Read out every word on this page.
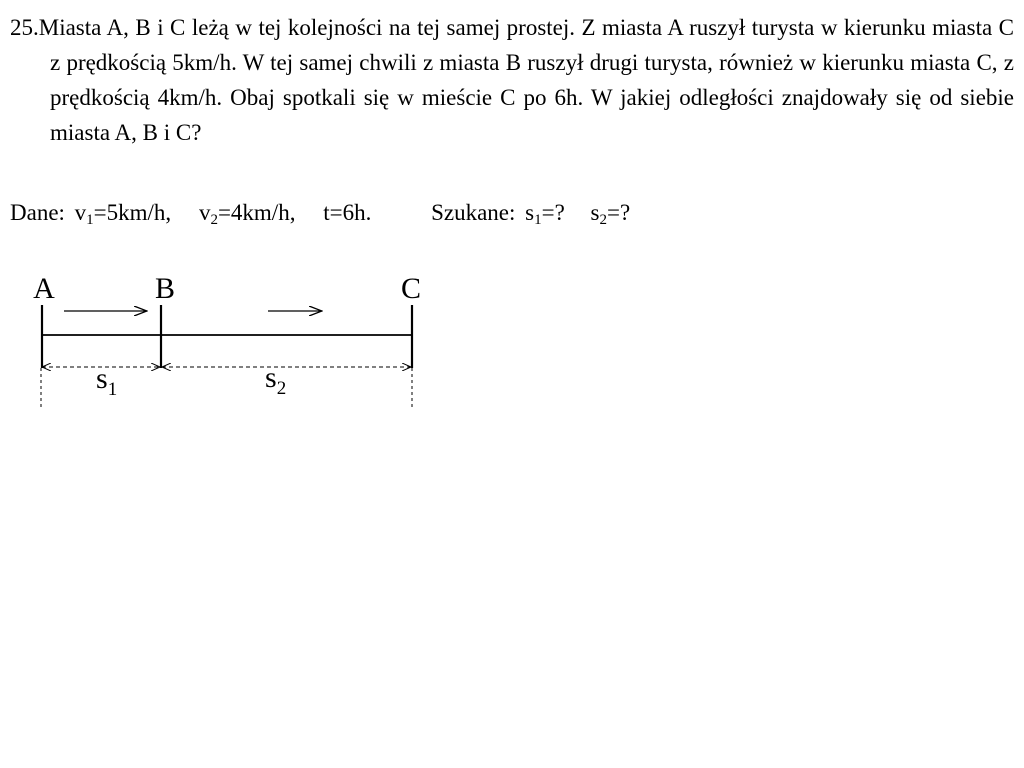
25.Miasta A, B i C leżą w tej kolejności na tej samej prostej. Z miasta A ruszył turysta w kierunku miasta C z prędkością 5km/h. W tej samej chwili z miasta B ruszył drugi turysta, również w kierunku miasta C, z prędkością 4km/h. Obaj spotkali się w mieście C po 6h. W jakiej odległości znajdowały się od siebie miasta A, B i C?

Dane: $v_1=5km/h$, $v_2=4km/h$, t=6h.	Szukane: $s_1=$? $s_2=$?
A	B	C
$s_1$	$s_2$
